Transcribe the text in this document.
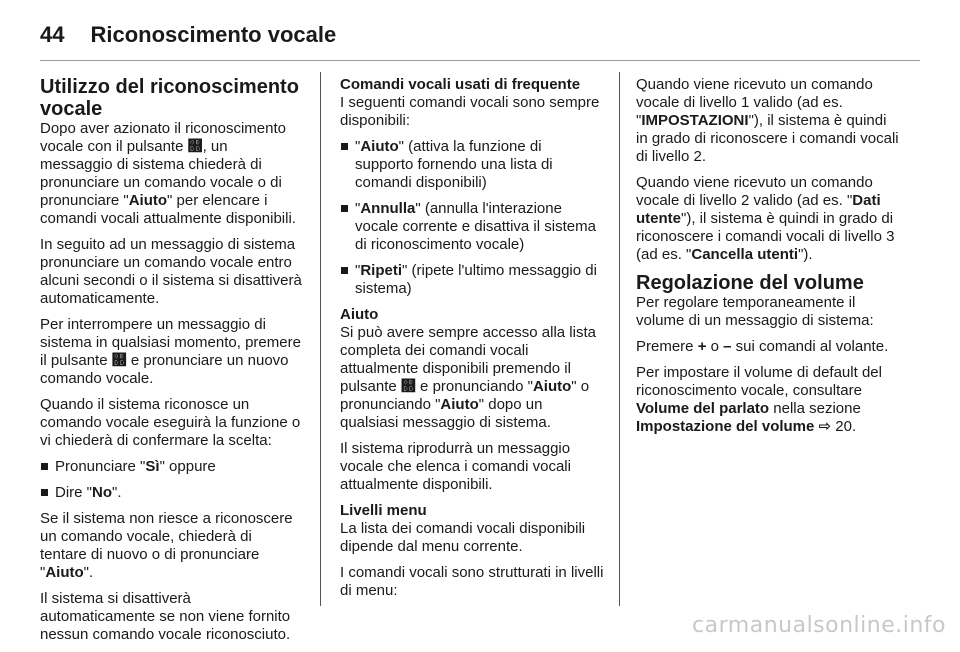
44 Riconoscimento vocale
Utilizzo del riconoscimento vocale

Dopo aver azionato il riconoscimento vocale con il pulsante ௝, un messaggio di sistema chiederà di pronunciare un comando vocale o di pronunciare "Aiuto" per elencare i comandi vocali attualmente disponibili.

In seguito ad un messaggio di sistema pronunciare un comando vocale entro alcuni secondi o il sistema si disattiverà automaticamente.

Per interrompere un messaggio di sistema in qualsiasi momento, premere il pulsante ௝ e pronunciare un nuovo comando vocale.

Quando il sistema riconosce un comando vocale eseguirà la funzione o vi chiederà di confermare la scelta:

Pronunciare "Sì" oppure
Dire "No".

Se il sistema non riesce a riconoscere un comando vocale, chiederà di tentare di nuovo o di pronunciare "Aiuto".

Il sistema si disattiverà automaticamente se non viene fornito nessun comando vocale riconosciuto.

Comandi vocali usati di frequente

I seguenti comandi vocali sono sempre disponibili:

"Aiuto" (attiva la funzione di supporto fornendo una lista di comandi disponibili)
"Annulla" (annulla l'interazione vocale corrente e disattiva il sistema di riconoscimento vocale)
"Ripeti" (ripete l'ultimo messaggio di sistema)
Aiuto

Si può avere sempre accesso alla lista completa dei comandi vocali attualmente disponibili premendo il pulsante ௝ e pronunciando "Aiuto" o pronunciando "Aiuto" dopo un qualsiasi messaggio di sistema.

Il sistema riprodurrà un messaggio vocale che elenca i comandi vocali attualmente disponibili.

Livelli menu

La lista dei comandi vocali disponibili dipende dal menu corrente.

I comandi vocali sono strutturati in livelli di menu:

Quando viene ricevuto un comando vocale di livello 1 valido (ad es. "IMPOSTAZIONI"), il sistema è quindi in grado di riconoscere i comandi vocali di livello 2.

Quando viene ricevuto un comando vocale di livello 2 valido (ad es. "Dati utente"), il sistema è quindi in grado di riconoscere i comandi vocali di livello 3 (ad es. "Cancella utenti").

Regolazione del volume

Per regolare temporaneamente il volume di un messaggio di sistema:

Premere + o – sui comandi al volante.

Per impostare il volume di default del riconoscimento vocale, consultare Volume del parlato nella sezione Impostazione del volume ⇨ 20.

carmanualsonline.info
